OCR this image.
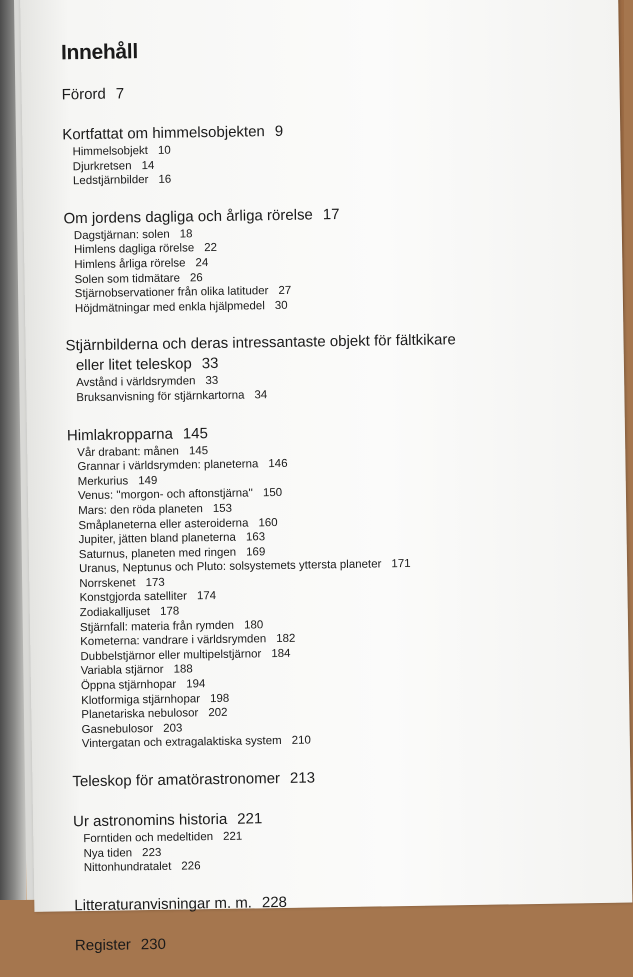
Innehåll

Förord 7

Kortfattat om himmelsobjekten 9

Himmelsobjekt 10
Djurkretsen 14
Ledstjärnbilder 16

Om jordens dagliga och årliga rörelse 17

Dagstjärnan: solen 18
Himlens dagliga rörelse 22
Himlens årliga rörelse 24
Solen som tidmätare 26
Stjärnobservationer från olika latituder 27
Höjdmätningar med enkla hjälpmedel 30

Stjärnbilderna och deras intressantaste objekt för fältkikare

eller litet teleskop 33

Avstånd i världsrymden 33
Bruksanvisning för stjärnkartorna 34

Himlakropparna 145

Vår drabant: månen 145
Grannar i världsrymden: planeterna 146
Merkurius 149
Venus: ''morgon- och aftonstjärna'' 150
Mars: den röda planeten 153
Småplaneterna eller asteroiderna 160
Jupiter, jätten bland planeterna 163
Saturnus, planeten med ringen 169
Uranus, Neptunus och Pluto: solsystemets yttersta planeter 171
Norrskenet 173
Konstgjorda satelliter 174
Zodiakalljuset 178
Stjärnfall: materia från rymden 180
Kometerna: vandrare i världsrymden 182
Dubbelstjärnor eller multipelstjärnor 184
Variabla stjärnor 188
Öppna stjärnhopar 194
Klotformiga stjärnhopar 198
Planetariska nebulosor 202
Gasnebulosor 203
Vintergatan och extragalaktiska system 210

Teleskop för amatörastronomer 213

Ur astronomins historia 221

Forntiden och medeltiden 221
Nya tiden 223
Nittonhundratalet 226

Litteraturanvisningar m. m. 228

Register 230
